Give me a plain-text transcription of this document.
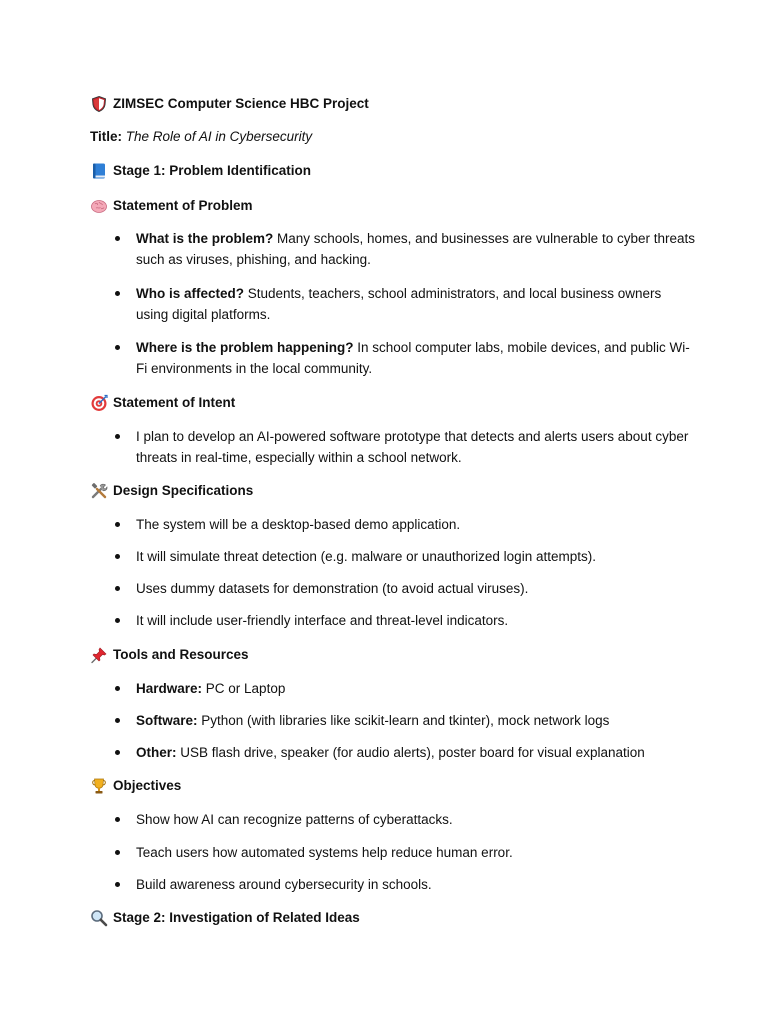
ZIMSEC Computer Science HBC Project
Title: The Role of AI in Cybersecurity
Stage 1: Problem Identification
Statement of Problem
What is the problem? Many schools, homes, and businesses are vulnerable to cyber threats such as viruses, phishing, and hacking.
Who is affected? Students, teachers, school administrators, and local business owners using digital platforms.
Where is the problem happening? In school computer labs, mobile devices, and public Wi-Fi environments in the local community.
Statement of Intent
I plan to develop an AI-powered software prototype that detects and alerts users about cyber threats in real-time, especially within a school network.
Design Specifications
The system will be a desktop-based demo application.
It will simulate threat detection (e.g. malware or unauthorized login attempts).
Uses dummy datasets for demonstration (to avoid actual viruses).
It will include user-friendly interface and threat-level indicators.
Tools and Resources
Hardware: PC or Laptop
Software: Python (with libraries like scikit-learn and tkinter), mock network logs
Other: USB flash drive, speaker (for audio alerts), poster board for visual explanation
Objectives
Show how AI can recognize patterns of cyberattacks.
Teach users how automated systems help reduce human error.
Build awareness around cybersecurity in schools.
Stage 2: Investigation of Related Ideas
